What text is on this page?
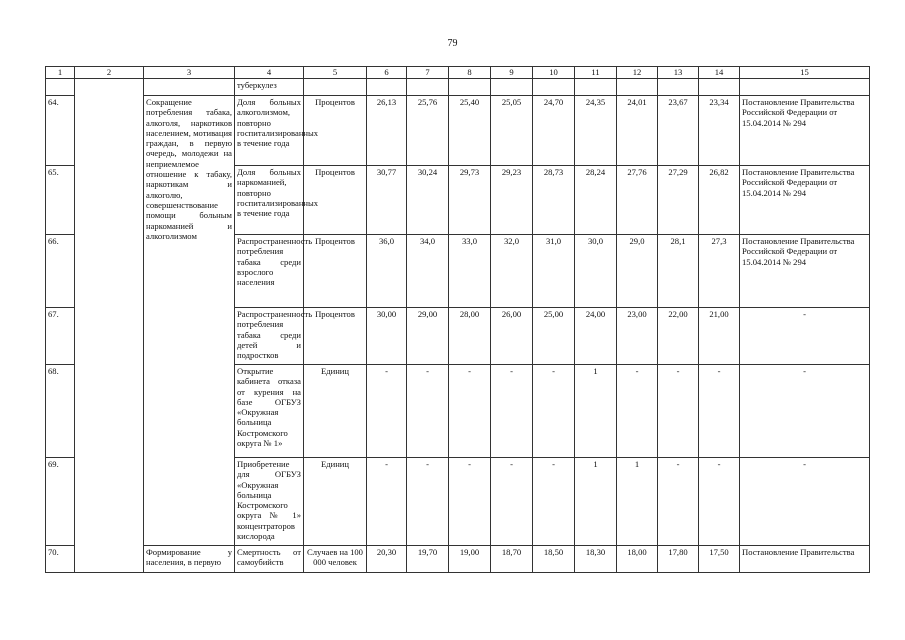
79
1	2	3	4	5	6	7	8	9	10	11	12	13	14	15
			туберкулез											
64.		Сокращение потребления табака, алкоголя, наркотиков населением, мотивация граждан, в первую очередь, молодежи на неприемлемое отношение к табаку, наркотикам и алкоголю, совершенствование помощи больным наркоманией и алкоголизмом	Доля больных алкоголизмом, повторно госпитализированных в течение года	Процентов	26,13	25,76	25,40	25,05	24,70	24,35	24,01	23,67	23,34	Постановление Правительства Российской Федерации от 15.04.2014 № 294
65.			Доля больных наркоманией, повторно госпитализированных в течение года	Процентов	30,77	30,24	29,73	29,23	28,73	28,24	27,76	27,29	26,82	Постановление Правительства Российской Федерации от 15.04.2014 № 294
66.			Распространенность потребления табака среди взрослого населения	Процентов	36,0	34,0	33,0	32,0	31,0	30,0	29,0	28,1	27,3	Постановление Правительства Российской Федерации от 15.04.2014 № 294
67.			Распространенность потребления табака среди детей и подростков	Процентов	30,00	29,00	28,00	26,00	25,00	24,00	23,00	22,00	21,00	-
68.			Открытие кабинета отказа от курения на базе ОГБУЗ «Окружная больница Костромского округа № 1»	Единиц	-	-	-	-	-	1	-	-	-	-
69.			Приобретение для ОГБУЗ «Окружная больница Костромского округа № 1» концентраторов кислорода	Единиц	-	-	-	-	-	1	1	-	-	-
70.		Формирование у населения, в первую	Смертность от самоубийств	Случаев на 100 000 человек	20,30	19,70	19,00	18,70	18,50	18,30	18,00	17,80	17,50	Постановление Правительства
